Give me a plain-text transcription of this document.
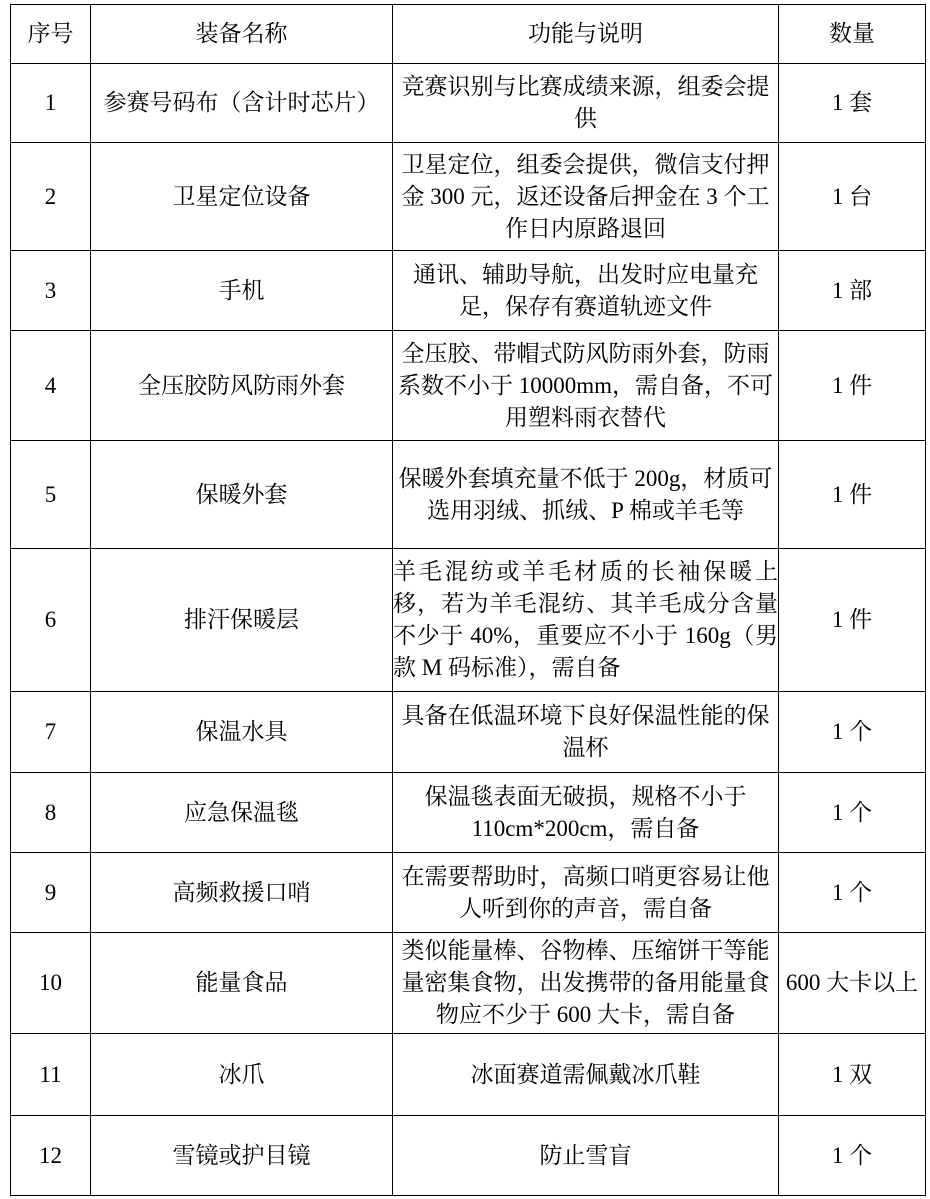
序号	装备名称	功能与说明	数量
1	参赛号码布（含计时芯片）	竞赛识别与比赛成绩来源，组委会提供	1 套
2	卫星定位设备	卫星定位，组委会提供，微信支付押金 300 元，返还设备后押金在 3 个工作日内原路退回	1 台
3	手机	通讯、辅助导航，出发时应电量充足，保存有赛道轨迹文件	1 部
4	全压胶防风防雨外套	全压胶、带帽式防风防雨外套，防雨系数不小于 10000mm，需自备，不可用塑料雨衣替代	1 件
5	保暖外套	保暖外套填充量不低于 200g，材质可选用羽绒、抓绒、P 棉或羊毛等	1 件
6	排汗保暖层	羊毛混纺或羊毛材质的长袖保暖上移，若为羊毛混纺、其羊毛成分含量不少于 40%，重要应不小于 160g（男款 M 码标准），需自备	1 件
7	保温水具	具备在低温环境下良好保温性能的保温杯	1 个
8	应急保温毯	保温毯表面无破损，规格不小于 110cm*200cm，需自备	1 个
9	高频救援口哨	在需要帮助时，高频口哨更容易让他人听到你的声音，需自备	1 个
10	能量食品	类似能量棒、谷物棒、压缩饼干等能量密集食物，出发携带的备用能量食物应不少于 600 大卡，需自备	600 大卡以上
11	冰爪	冰面赛道需佩戴冰爪鞋	1 双
12	雪镜或护目镜	防止雪盲	1 个
